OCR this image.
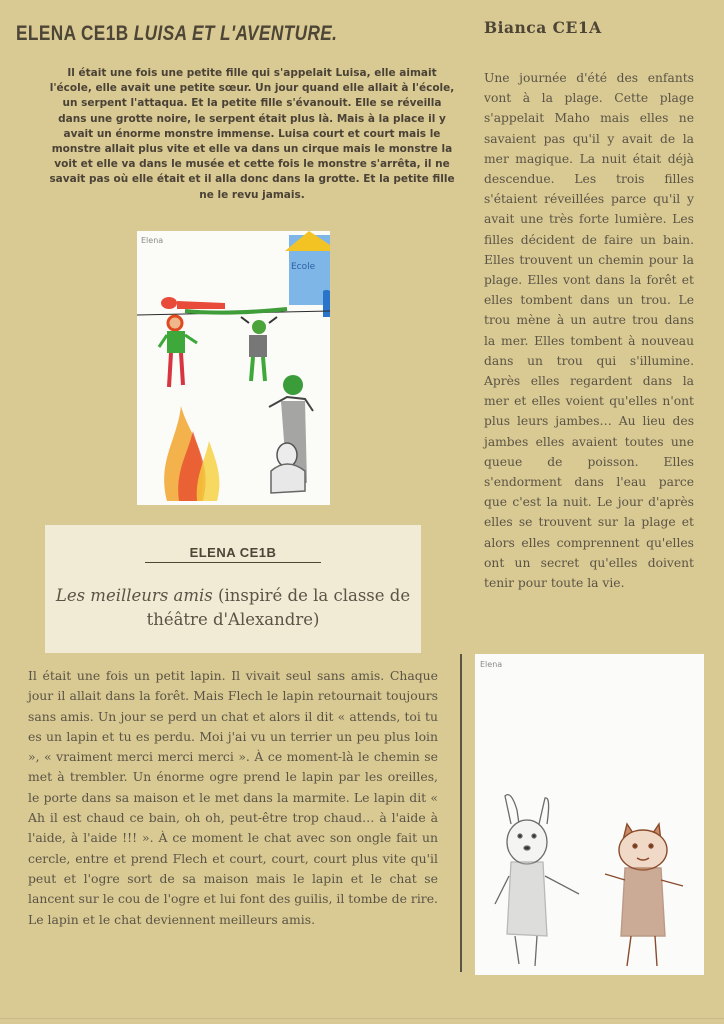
ELENA CE1B LUISA ET L'AVENTURE.
Il était une fois une petite fille qui s'appelait Luisa, elle aimait l'école, elle avait une petite sœur. Un jour quand elle allait à l'école, un serpent l'attaqua. Et la petite fille s'évanouit. Elle se réveilla dans une grotte noire, le serpent était plus là. Mais à la place il y avait un énorme monstre immense. Luisa court et court mais le monstre allait plus vite et elle va dans un cirque mais le monstre la voit et elle va dans le musée et cette fois le monstre s'arrêta, il ne savait pas où elle était et il alla donc dans la grotte. Et la petite fille ne le revu jamais.
Bianca CE1A
Une journée d'été des enfants vont à la plage. Cette plage s'appelait Maho mais elles ne savaient pas qu'il y avait de la mer magique. La nuit était déjà descendue. Les trois filles s'étaient réveillées parce qu'il y avait une très forte lumière. Les filles décident de faire un bain. Elles trouvent un chemin pour la plage. Elles vont dans la forêt et elles tombent dans un trou. Le trou mène à un autre trou dans la mer. Elles tombent à nouveau dans un trou qui s'illumine. Après elles regardent dans la mer et elles voient qu'elles n'ont plus leurs jambes… Au lieu des jambes elles avaient toutes une queue de poisson. Elles s'endorment dans l'eau parce que c'est la nuit. Le jour d'après elles se trouvent sur la plage et alors elles comprennent qu'elles ont un secret qu'elles doivent tenir pour toute la vie.
Elena
Ecole
ELENA CE1B
Les meilleurs amis (inspiré de la classe de théâtre d'Alexandre)
Il était une fois un petit lapin. Il vivait seul sans amis. Chaque jour il allait dans la forêt. Mais Flech le lapin retournait toujours sans amis. Un jour se perd un chat et alors il dit « attends, toi tu es un lapin et tu es perdu. Moi j'ai vu un terrier un peu plus loin », « vraiment merci merci merci ». À ce moment-là le chemin se met à trembler. Un énorme ogre prend le lapin par les oreilles, le porte dans sa maison et le met dans la marmite. Le lapin dit « Ah il est chaud ce bain, oh oh, peut-être trop chaud… à l'aide à l'aide, à l'aide !!! ». À ce moment le chat avec son ongle fait un cercle, entre et prend Flech et court, court, court plus vite qu'il peut et l'ogre sort de sa maison mais le lapin et le chat se lancent sur le cou de l'ogre et lui font des guilis, il tombe de rire. Le lapin et le chat deviennent meilleurs amis.
Elena
